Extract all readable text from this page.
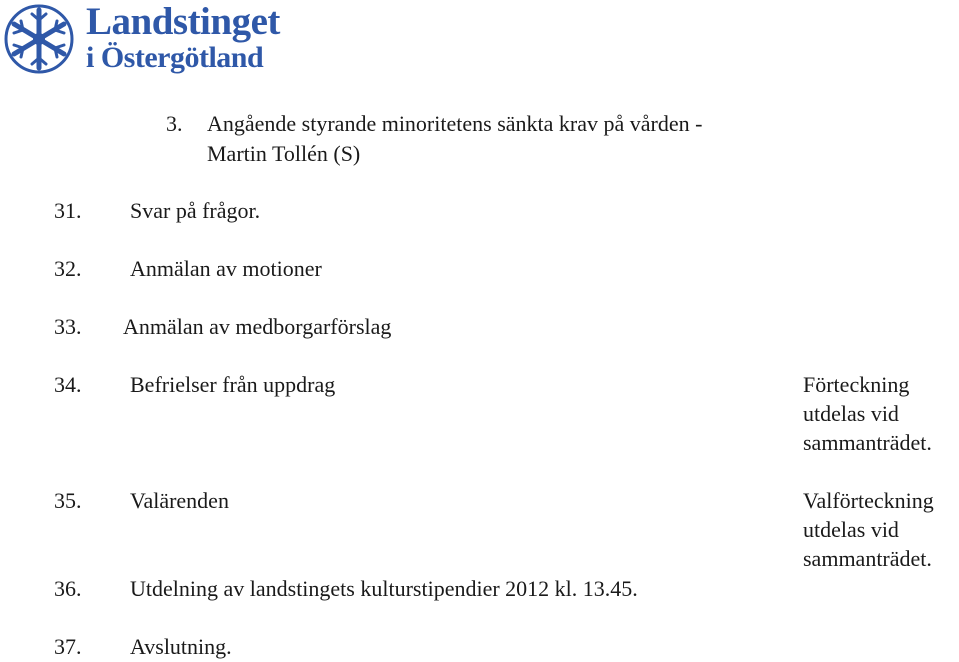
Landstinget
i Östergötland
3. Angående styrande minoritetens sänkta krav på vården -
Martin Tollén (S)
31. Svar på frågor.
32. Anmälan av motioner
33. Anmälan av medborgarförslag
34. Befrielser från uppdrag	Förteckning
utdelas vid
sammanträdet.
35. Valärenden	Valförteckning
utdelas vid
sammanträdet.
36. Utdelning av landstingets kulturstipendier 2012 kl. 13.45.
37. Avslutning.
